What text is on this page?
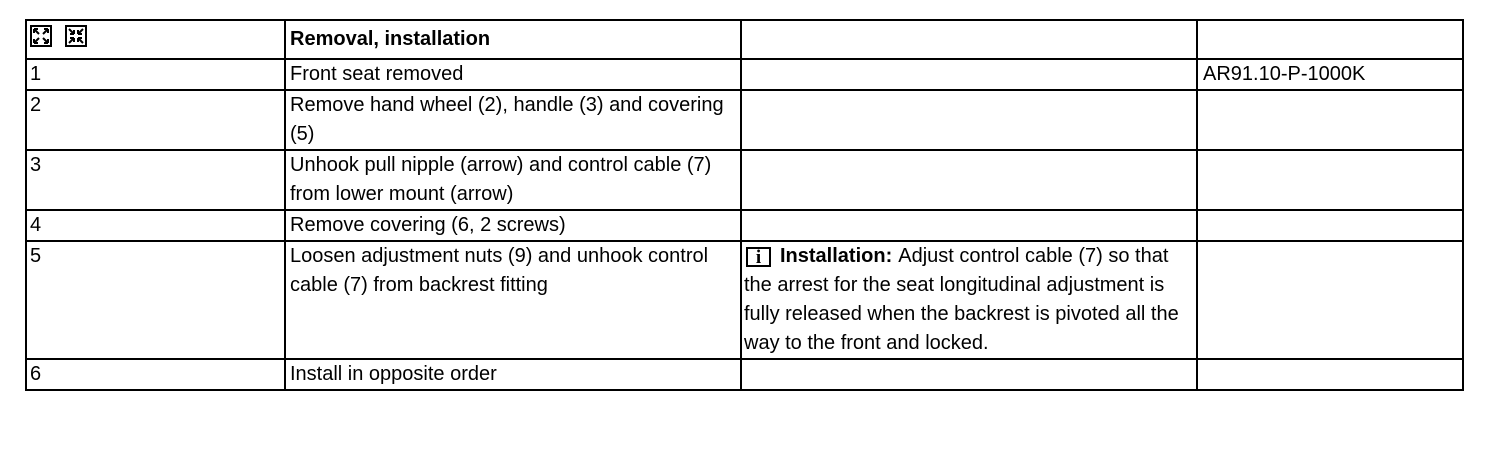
	Removal, installation		
1	Front seat removed		AR91.10-P-1000K
2	Remove hand wheel (2), handle (3) and covering (5)		
3	Unhook pull nipple (arrow) and control cable (7) from lower mount (arrow)		
4	Remove covering (6, 2 screws)		
5	Loosen adjustment nuts (9) and unhook control cable (7) from backrest fitting	i Installation: Adjust control cable (7) so that the arrest for the seat longitudinal adjustment is fully released when the backrest is pivoted all the way to the front and locked.	

6	Install in opposite order		
